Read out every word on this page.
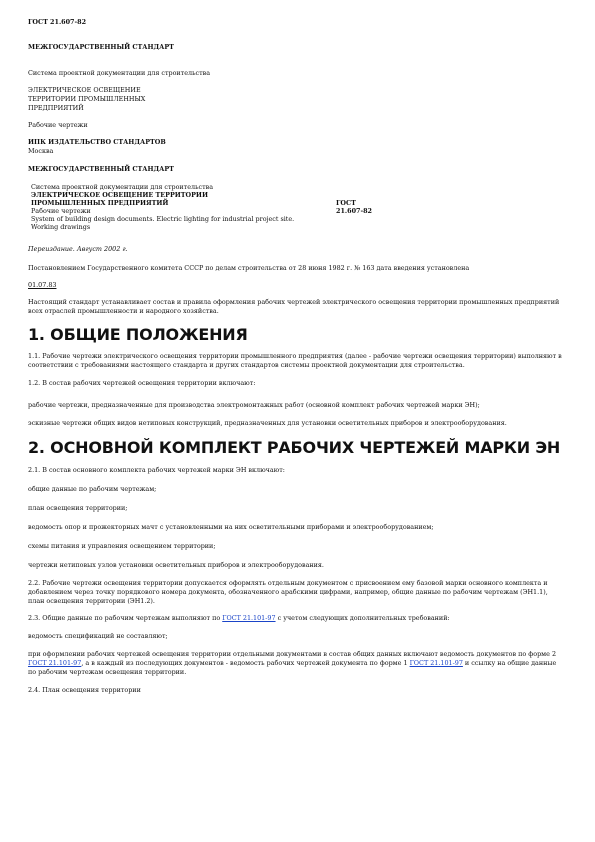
ГОСТ 21.607-82

МЕЖГОСУДАРСТВЕННЫЙ СТАНДАРТ

Система проектной документации для строительства

ЭЛЕКТРИЧЕСКОЕ ОСВЕЩЕНИЕ

ТЕРРИТОРИИ ПРОМЫШЛЕННЫХ

ПРЕДПРИЯТИЙ

Рабочие чертежи

ИПК ИЗДАТЕЛЬСТВО СТАНДАРТОВ

Москва

МЕЖГОСУДАРСТВЕННЫЙ СТАНДАРТ

Система проектной документации для строительства	
ЭЛЕКТРИЧЕСКОЕ ОСВЕЩЕНИЕ ТЕРРИТОРИИ	
ПРОМЫШЛЕННЫХ ПРЕДПРИЯТИЙ	ГОСТ
Рабочие чертежи	21.607-82
System of building design documents. Electric lighting for industrial project site.	
Working drawings	

Переиздание. Август 2002 г.

Постановлением Государственного комитета СССР по делам строительства от 28 июня 1982 г. № 163 дата введения установлена

01.07.83

Настоящий стандарт устанавливает состав и правила оформления рабочих чертежей электрического освещения территории промышленных предприятий всех отраслей промышленности и народного хозяйства.

1. ОБЩИЕ ПОЛОЖЕНИЯ

1.1. Рабочие чертежи электрического освещения территории промышленного предприятия (далее - рабочие чертежи освещения территории) выполняют в соответствии с требованиями настоящего стандарта и других стандартов системы проектной документации для строительства.

1.2. В состав рабочих чертежей освещения территории включают:

рабочие чертежи, предназначенные для производства электромонтажных работ (основной комплект рабочих чертежей марки ЭН);

эскизные чертежи общих видов нетиповых конструкций, предназначенных для установки осветительных приборов и электрооборудования.

2. ОСНОВНОЙ КОМПЛЕКТ РАБОЧИХ ЧЕРТЕЖЕЙ МАРКИ ЭН

2.1. В состав основного комплекта рабочих чертежей марки ЭН включают:

общие данные по рабочим чертежам;

план освещения территории;

ведомость опор и прожекторных мачт с установленными на них осветительными приборами и электрооборудованием;

схемы питания и управления освещением территории;

чертежи нетиповых узлов установки осветительных приборов и электрооборудования.

2.2. Рабочие чертежи освещения территории допускается оформлять отдельным документом с присвоением ему базовой марки основного комплекта и добавлением через точку порядкового номера документа, обозначенного арабскими цифрами, например, общие данные по рабочим чертежам (ЭН1.1), план освещения территории (ЭН1.2).

2.3. Общие данные по рабочим чертежам выполняют по ГОСТ 21.101-97 с учетом следующих дополнительных требований:

ведомость спецификаций не составляют;

при оформлении рабочих чертежей освещения территории отдельными документами в состав общих данных включают ведомость документов по форме 2 ГОСТ 21.101-97, а в каждый из последующих документов - ведомость рабочих чертежей документа по форме 1 ГОСТ 21.101-97 и ссылку на общие данные по рабочим чертежам освещения территории.

2.4. План освещения территории
